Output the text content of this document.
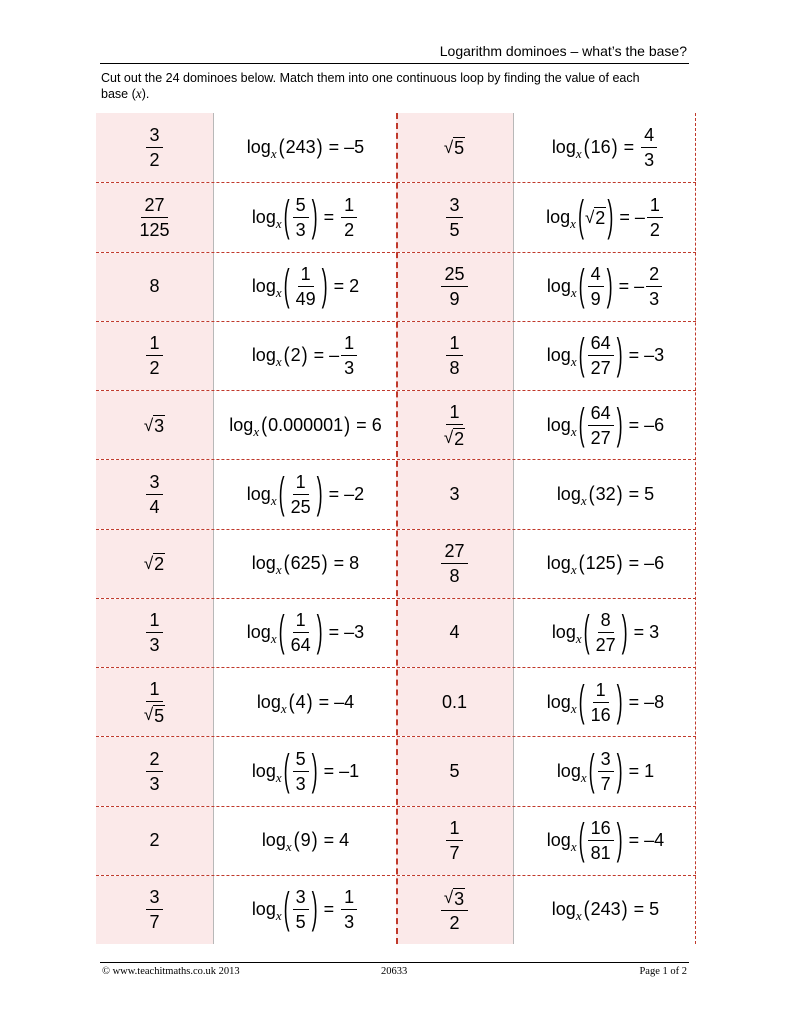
Logarithm dominoes – what’s the base?
Cut out the 24 dominoes below. Match them into one continuous loop by finding the value of each
base (x).
$\frac{3}{2}$	log x ( 243 ) = –5	√ 5	log x ( 16 ) = $\frac{4}{3}$
$\frac{27}{125}$	log x ( $\frac{5}{3}$ ) = $\frac{1}{2}$	$\frac{3}{5}$	log x ( √ 2 ) = – $\frac{1}{2}$
8	log x ( $\frac{1}{49}$ ) = 2	$\frac{25}{9}$	log x ( $\frac{4}{9}$ ) = – $\frac{2}{3}$
$\frac{1}{2}$	log x ( 2 ) = – $\frac{1}{3}$	$\frac{1}{8}$	log x ( $\frac{64}{27}$ ) = –3
√ 3	log x ( 0.000001 ) = 6	$\frac{1}{√ 2}$	log x ( $\frac{64}{27}$ ) = –6
$\frac{3}{4}$	log x ( $\frac{1}{25}$ ) = –2	3	log x ( 32 ) = 5
√ 2	log x ( 625 ) = 8	$\frac{27}{8}$	log x ( 125 ) = –6
$\frac{1}{3}$	log x ( $\frac{1}{64}$ ) = –3	4	log x ( $\frac{8}{27}$ ) = 3
$\frac{1}{√ 5}$	log x ( 4 ) = –4	0.1	log x ( $\frac{1}{16}$ ) = –8
$\frac{2}{3}$	log x ( $\frac{5}{3}$ ) = –1	5	log x ( $\frac{3}{7}$ ) = 1
2	log x ( 9 ) = 4	$\frac{1}{7}$	log x ( $\frac{16}{81}$ ) = –4
$\frac{3}{7}$	log x ( $\frac{3}{5}$ ) = $\frac{1}{3}$	$\frac{√ 3}{2}$	log x ( 243 ) = 5
© www.teachitmaths.co.uk 2013	20633	Page 1 of 2
